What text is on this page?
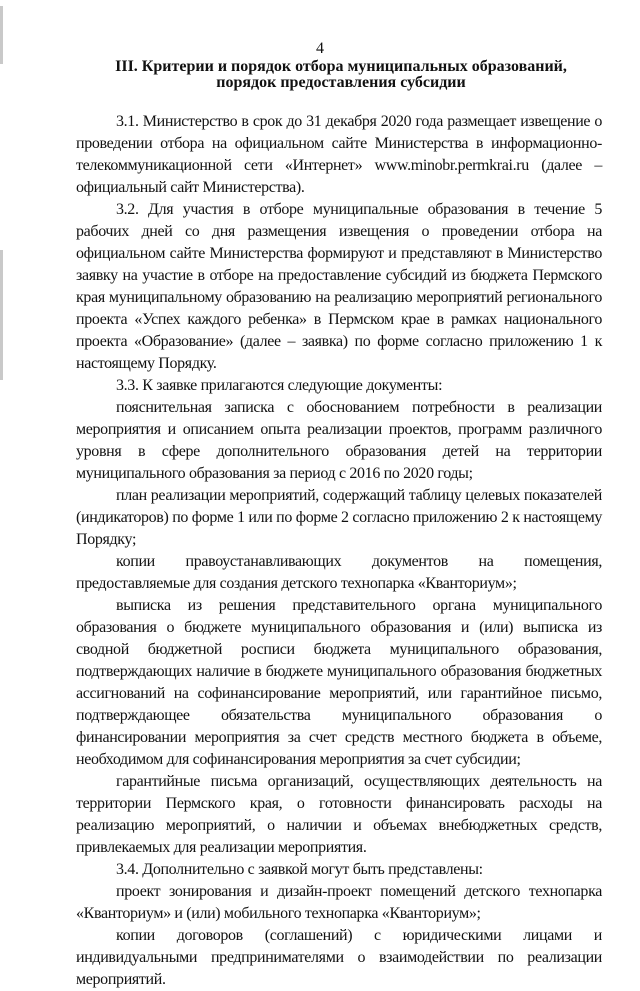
4
III. Критерии и порядок отбора муниципальных образований,
порядок предоставления субсидии

3.1. Министерство в срок до 31 декабря 2020 года размещает извещение о проведении отбора на официальном сайте Министерства в информационно-телекоммуникационной сети «Интернет» www.minobr.permkrai.ru (далее – официальный сайт Министерства).

3.2. Для участия в отборе муниципальные образования в течение 5 рабочих дней со дня размещения извещения о проведении отбора на официальном сайте Министерства формируют и представляют в Министерство заявку на участие в отборе на предоставление субсидий из бюджета Пермского края муниципальному образованию на реализацию мероприятий регионального проекта «Успех каждого ребенка» в Пермском крае в рамках национального проекта «Образование» (далее – заявка) по форме согласно приложению 1 к настоящему Порядку.

3.3. К заявке прилагаются следующие документы:

пояснительная записка с обоснованием потребности в реализации мероприятия и описанием опыта реализации проектов, программ различного уровня в сфере дополнительного образования детей на территории муниципального образования за период с 2016 по 2020 годы;

план реализации мероприятий, содержащий таблицу целевых показателей (индикаторов) по форме 1 или по форме 2 согласно приложению 2 к настоящему Порядку;

копии правоустанавливающих документов на помещения, предоставляемые для создания детского технопарка «Кванториум»;

выписка из решения представительного органа муниципального образования о бюджете муниципального образования и (или) выписка из сводной бюджетной росписи бюджета муниципального образования, подтверждающих наличие в бюджете муниципального образования бюджетных ассигнований на софинансирование мероприятий, или гарантийное письмо, подтверждающее обязательства муниципального образования о финансировании мероприятия за счет средств местного бюджета в объеме, необходимом для софинансирования мероприятия за счет субсидии;

гарантийные письма организаций, осуществляющих деятельность на территории Пермского края, о готовности финансировать расходы на реализацию мероприятий, о наличии и объемах внебюджетных средств, привлекаемых для реализации мероприятия.

3.4. Дополнительно с заявкой могут быть представлены:

проект зонирования и дизайн-проект помещений детского технопарка «Кванториум» и (или) мобильного технопарка «Кванториум»;

копии договоров (соглашений) с юридическими лицами и индивидуальными предпринимателями о взаимодействии по реализации мероприятий.
